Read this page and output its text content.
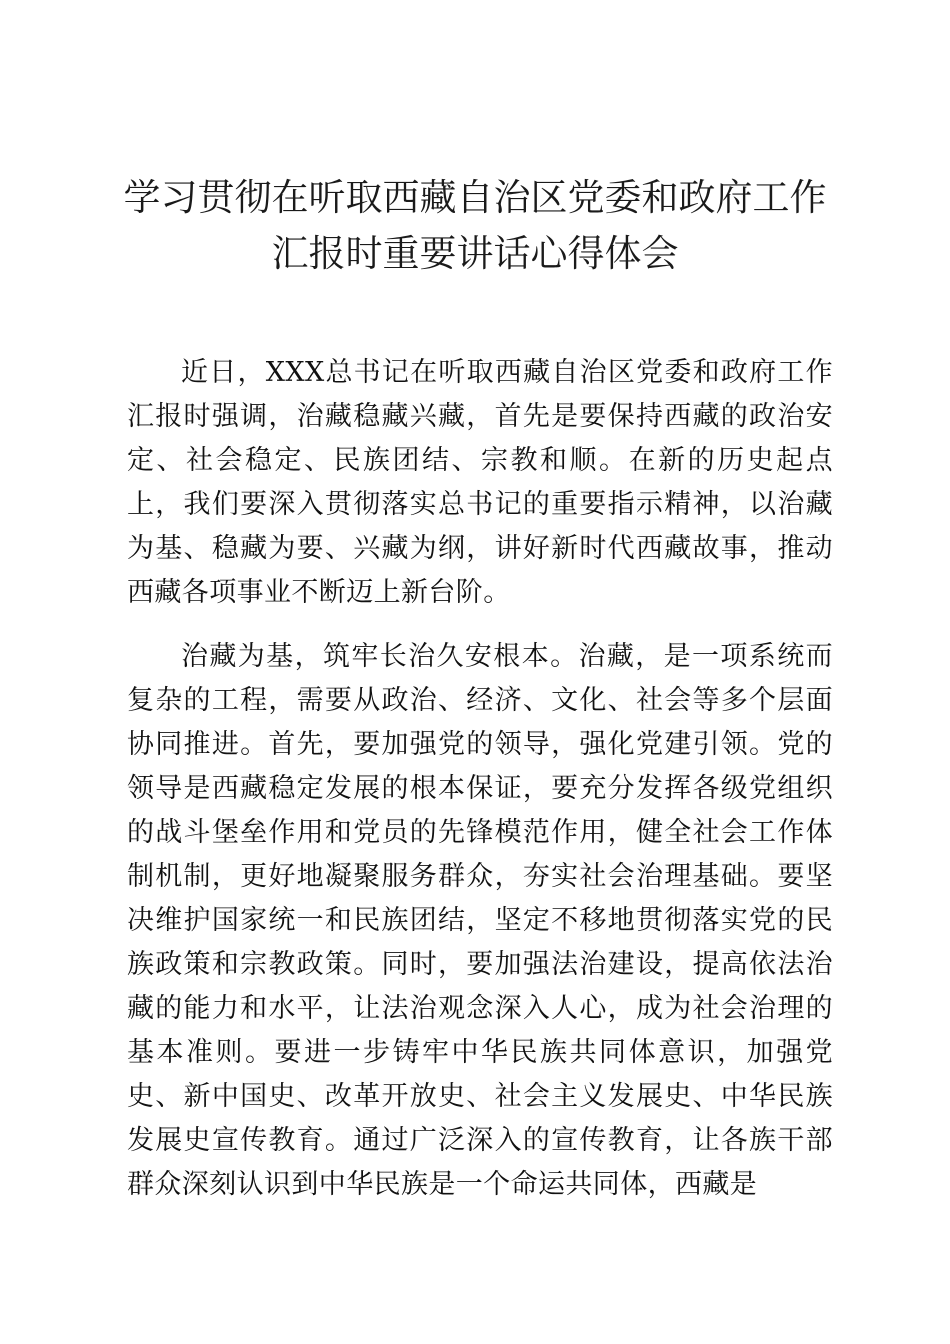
学习贯彻在听取西藏自治区党委和政府工作汇报时重要讲话心得体会

近日，XXX总书记在听取西藏自治区党委和政府工作汇报时强调，治藏稳藏兴藏，首先是要保持西藏的政治安定、社会稳定、民族团结、宗教和顺。在新的历史起点上，我们要深入贯彻落实总书记的重要指示精神，以治藏为基、稳藏为要、兴藏为纲，讲好新时代西藏故事，推动西藏各项事业不断迈上新台阶。

治藏为基，筑牢长治久安根本。治藏，是一项系统而复杂的工程，需要从政治、经济、文化、社会等多个层面协同推进。首先，要加强党的领导，强化党建引领。党的领导是西藏稳定发展的根本保证，要充分发挥各级党组织的战斗堡垒作用和党员的先锋模范作用，健全社会工作体制机制，更好地凝聚服务群众，夯实社会治理基础。要坚决维护国家统一和民族团结，坚定不移地贯彻落实党的民族政策和宗教政策。同时，要加强法治建设，提高依法治藏的能力和水平，让法治观念深入人心，成为社会治理的基本准则。要进一步铸牢中华民族共同体意识，加强党史、新中国史、改革开放史、社会主义发展史、中华民族发展史宣传教育。通过广泛深入的宣传教育，让各族干部群众深刻认识到中华民族是一个命运共同体，西藏是
